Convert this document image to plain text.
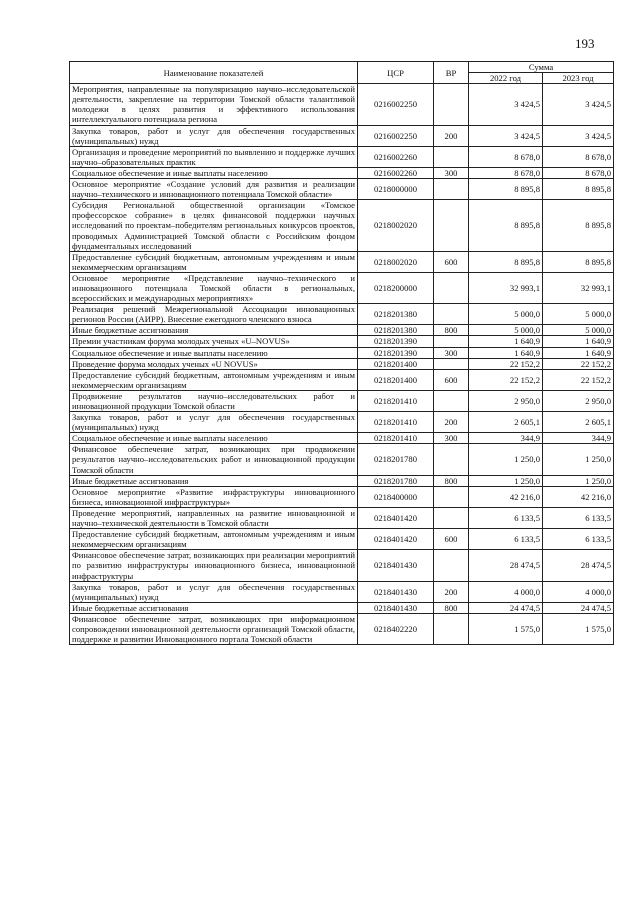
193
Наименование показателей	ЦСР	ВР	Сумма	
			2022 год	2023 год
Мероприятия, направленные на популяризацию научно–исследовательской деятельности, закрепление на территории Томской области талантливой молодежи в целях развития и эффективного использования интеллектуального потенциала региона	0216002250		3 424,5	3 424,5
Закупка товаров, работ и услуг для обеспечения государственных (муниципальных) нужд	0216002250	200	3 424,5	3 424,5
Организация и проведение мероприятий по выявлению и поддержке лучших научно–образовательных практик	0216002260		8 678,0	8 678,0
Социальное обеспечение и иные выплаты населению	0216002260	300	8 678,0	8 678,0
Основное мероприятие «Создание условий для развития и реализации научно–технического и инновационного потенциала Томской области»	0218000000		8 895,8	8 895,8
Субсидия Региональной общественной организации «Томское профессорское собрание» в целях финансовой поддержки научных исследований по проектам–победителям региональных конкурсов проектов, проводимых Администрацией Томской области с Российским фондом фундаментальных исследований	0218002020		8 895,8	8 895,8
Предоставление субсидий бюджетным, автономным учреждениям и иным некоммерческим организациям	0218002020	600	8 895,8	8 895,8
Основное мероприятие «Представление научно–технического и инновационного потенциала Томской области в региональных, всероссийских и международных мероприятиях»	0218200000		32 993,1	32 993,1
Реализация решений Межрегиональной Ассоциации инновационных регионов России (АИРР). Внесение ежегодного членского взноса	0218201380		5 000,0	5 000,0
Иные бюджетные ассигнования	0218201380	800	5 000,0	5 000,0
Премии участникам форума молодых ученых «U–NOVUS»	0218201390		1 640,9	1 640,9
Социальное обеспечение и иные выплаты населению	0218201390	300	1 640,9	1 640,9
Проведение форума молодых ученых «U NOVUS»	0218201400		22 152,2	22 152,2
Предоставление субсидий бюджетным, автономным учреждениям и иным некоммерческим организациям	0218201400	600	22 152,2	22 152,2
Продвижение результатов научно–исследовательских работ и инновационной продукции Томской области	0218201410		2 950,0	2 950,0
Закупка товаров, работ и услуг для обеспечения государственных (муниципальных) нужд	0218201410	200	2 605,1	2 605,1
Социальное обеспечение и иные выплаты населению	0218201410	300	344,9	344,9
Финансовое обеспечение затрат, возникающих при продвижении результатов научно–исследовательских работ и инновационной продукции Томской области	0218201780		1 250,0	1 250,0
Иные бюджетные ассигнования	0218201780	800	1 250,0	1 250,0
Основное мероприятие «Развитие инфраструктуры инновационного бизнеса, инновационной инфраструктуры»	0218400000		42 216,0	42 216,0
Проведение мероприятий, направленных на развитие инновационной и научно–технической деятельности в Томской области	0218401420		6 133,5	6 133,5
Предоставление субсидий бюджетным, автономным учреждениям и иным некоммерческим организациям	0218401420	600	6 133,5	6 133,5
Финансовое обеспечение затрат, возникающих при реализации мероприятий по развитию инфраструктуры инновационного бизнеса, инновационной инфраструктуры	0218401430		28 474,5	28 474,5
Закупка товаров, работ и услуг для обеспечения государственных (муниципальных) нужд	0218401430	200	4 000,0	4 000,0
Иные бюджетные ассигнования	0218401430	800	24 474,5	24 474,5
Финансовое обеспечение затрат, возникающих при информационном сопровождении инновационной деятельности организаций Томской области, поддержке и развитии Инновационного портала Томской области	0218402220		1 575,0	1 575,0
